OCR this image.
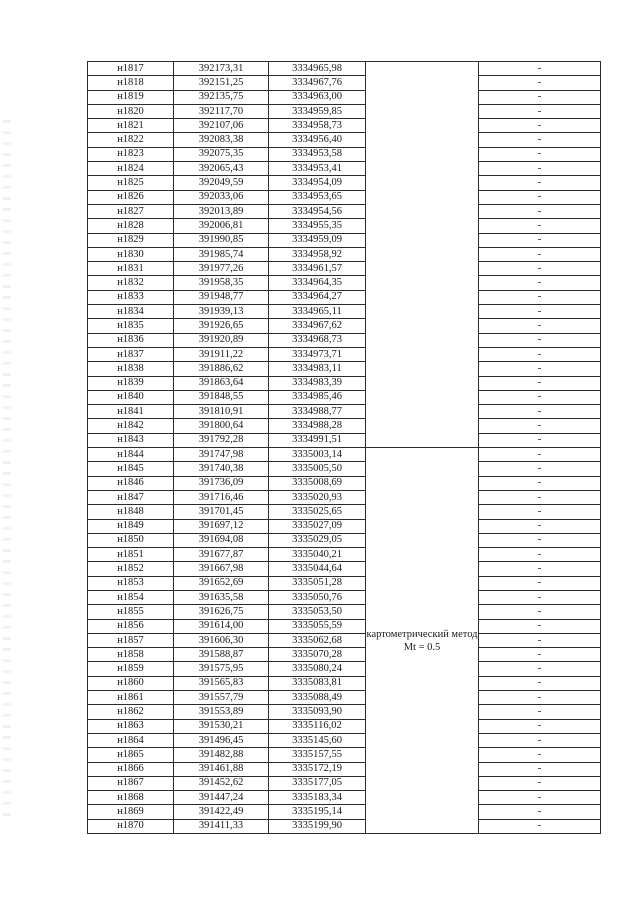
н1817	392173,31	3334965,98		-
н1818	392151,25	3334967,76		-
н1819	392135,75	3334963,00		-
н1820	392117,70	3334959,85		-
н1821	392107,06	3334958,73		-
н1822	392083,38	3334956,40		-
н1823	392075,35	3334953,58		-
н1824	392065,43	3334953,41		-
н1825	392049,59	3334954,09		-
н1826	392033,06	3334953,65		-
н1827	392013,89	3334954,56		-
н1828	392006,81	3334955,35		-
н1829	391990,85	3334959,09		-
н1830	391985,74	3334958,92		-
н1831	391977,26	3334961,57		-
н1832	391958,35	3334964,35		-
н1833	391948,77	3334964,27		-
н1834	391939,13	3334965,11		-
н1835	391926,65	3334967,62		-
н1836	391920,89	3334968,73		-
н1837	391911,22	3334973,71		-
н1838	391886,62	3334983,11		-
н1839	391863,64	3334983,39		-
н1840	391848,55	3334985,46		-
н1841	391810,91	3334988,77		-
н1842	391800,64	3334988,28		-
н1843	391792,28	3334991,51		-
н1844	391747,98	3335003,14	картометрический метод Mt = 0.5	-
н1845	391740,38	3335005,50		-
н1846	391736,09	3335008,69		-
н1847	391716,46	3335020,93		-
н1848	391701,45	3335025,65		-
н1849	391697,12	3335027,09		-
н1850	391694,08	3335029,05		-
н1851	391677,87	3335040,21		-
н1852	391667,98	3335044,64		-
н1853	391652,69	3335051,28		-
н1854	391635,58	3335050,76		-
н1855	391626,75	3335053,50		-
н1856	391614,00	3335055,59		-
н1857	391606,30	3335062,68		-
н1858	391588,87	3335070,28		-
н1859	391575,95	3335080,24		-
н1860	391565,83	3335083,81		-
н1861	391557,79	3335088,49		-
н1862	391553,89	3335093,90		-
н1863	391530,21	3335116,02		-
н1864	391496,45	3335145,60		-
н1865	391482,88	3335157,55		-
н1866	391461,88	3335172,19		-
н1867	391452,62	3335177,05		-
н1868	391447,24	3335183,34		-
н1869	391422,49	3335195,14		-
н1870	391411,33	3335199,90		-
